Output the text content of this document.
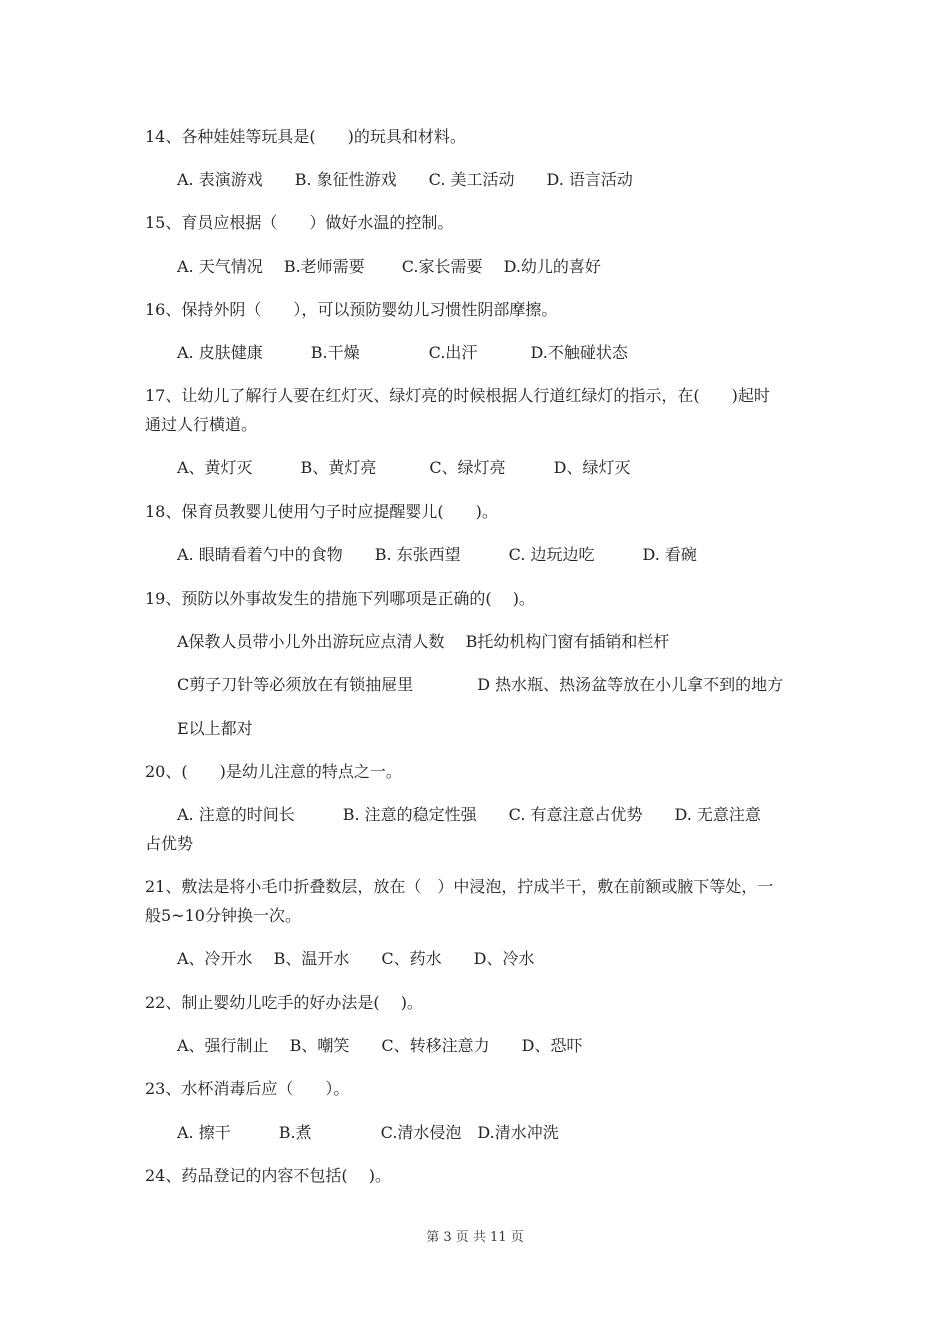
14、各种娃娃等玩具是(　　)的玩具和材料。
A. 表演游戏　　B. 象征性游戏　　C. 美工活动　　D. 语言活动
15、育员应根据（　　）做好水温的控制。
A. 天气情况　 B.老师需要　　 C.家长需要　 D.幼儿的喜好
16、保持外阴（　　），可以预防婴幼儿习惯性阴部摩擦。
A. 皮肤健康　　　B.干燥　　　　 C.出汗　　　 D.不触碰状态
17、让幼儿了解行人要在红灯灭、绿灯亮的时候根据人行道红绿灯的指示，在(　　)起时
通过人行横道。
A、黄灯灭　　　B、黄灯亮　　　 C、绿灯亮　　　D、绿灯灭
18、保育员教婴儿使用勺子时应提醒婴儿(　　)。
A. 眼睛看着勺中的食物　　B. 东张西望　　　C. 边玩边吃　　　D. 看碗
19、预防以外事故发生的措施下列哪项是正确的(　 )。
A保教人员带小儿外出游玩应点清人数　 B托幼机构门窗有插销和栏杆
C剪子刀针等必须放在有锁抽屉里　　　　D 热水瓶、热汤盆等放在小儿拿不到的地方
E以上都对
20、(　　)是幼儿注意的特点之一。
A. 注意的时间长　　　B. 注意的稳定性强　　C. 有意注意占优势　　D. 无意注意
占优势
21、敷法是将小毛巾折叠数层，放在（　）中浸泡，拧成半干，敷在前额或腋下等处，一
般5~10分钟换一次。
A、冷开水　 B、温开水　　C、药水　　D、冷水
22、制止婴幼儿吃手的好办法是(　 )。
A、强行制止　 B、嘲笑　　C、转移注意力　　D、恐吓
23、水杯消毒后应（　　）。
A. 擦干　　　B.煮　　　　 C.清水侵泡　D.清水冲洗
24、药品登记的内容不包括(　 )。
第 3 页 共 11 页
